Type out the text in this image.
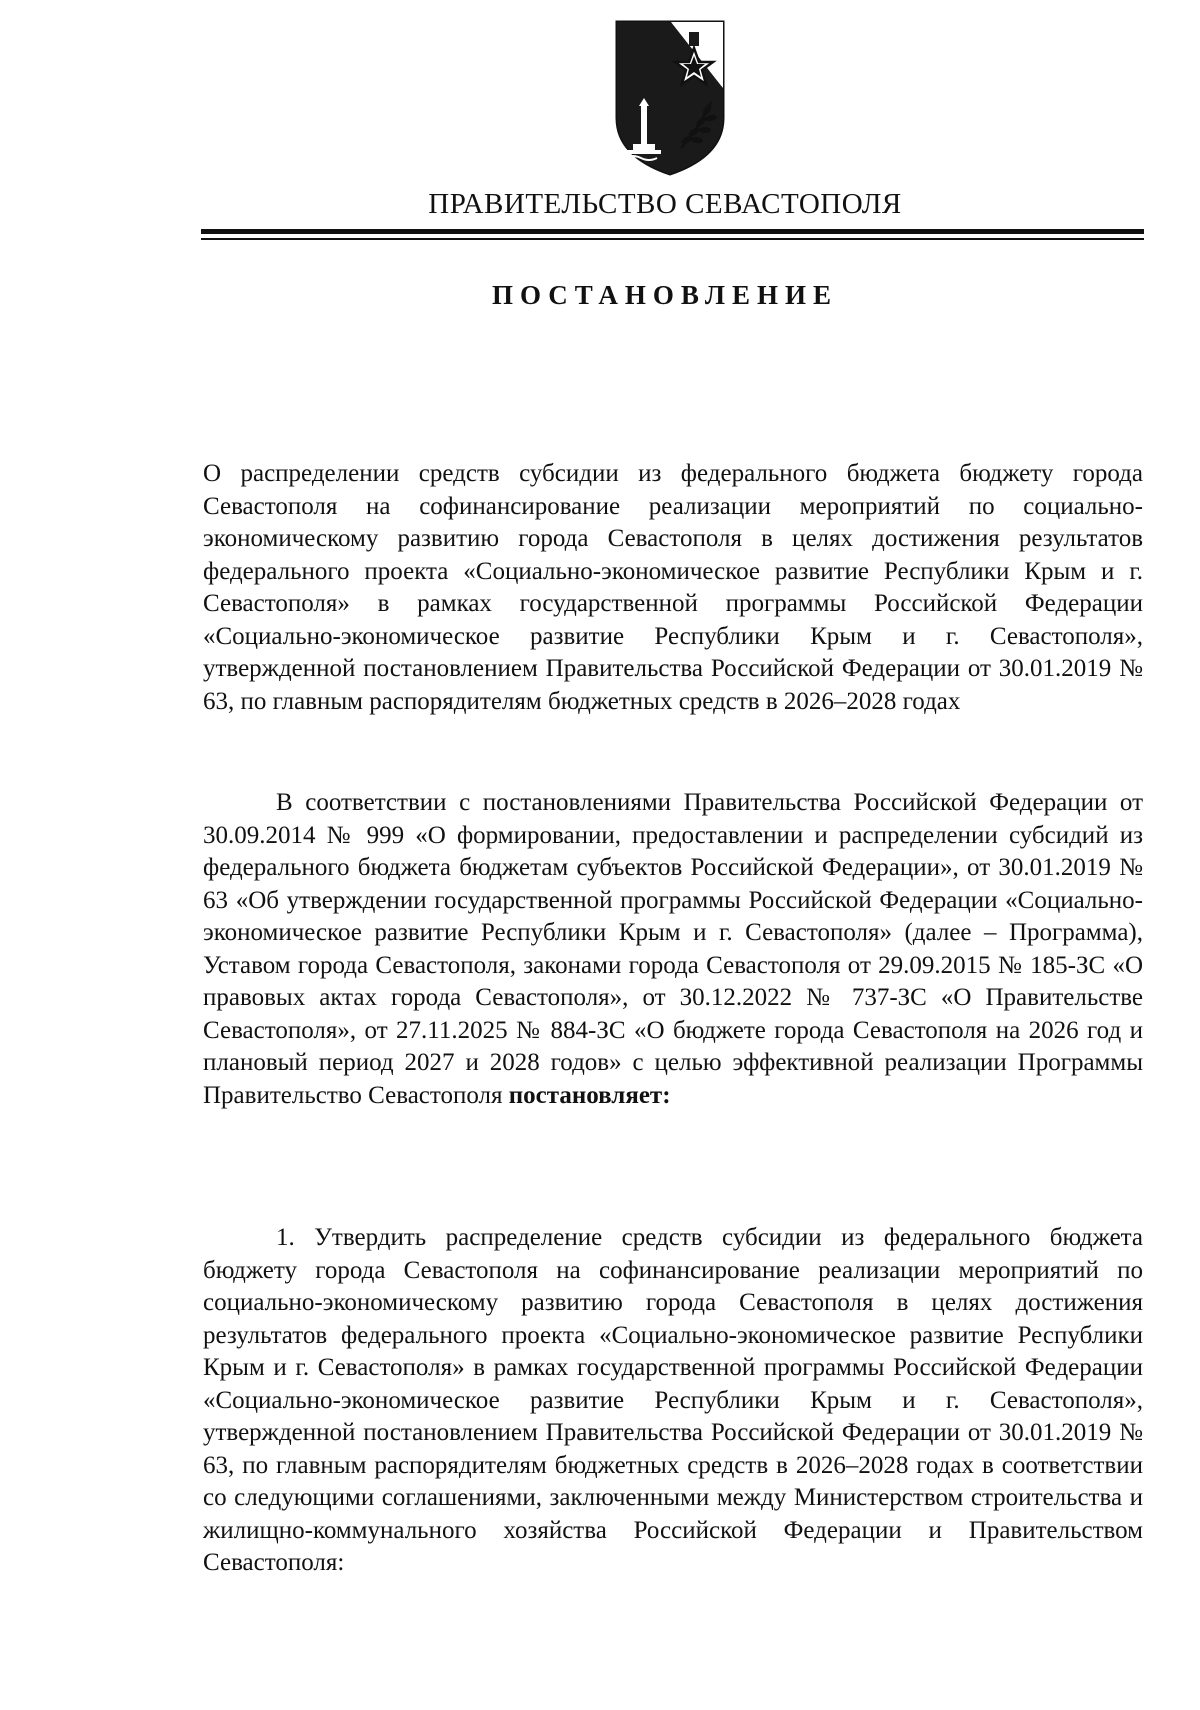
ПРАВИТЕЛЬСТВО СЕВАСТОПОЛЯ
ПОСТАНОВЛЕНИЕ
О распределении средств субсидии из федерального бюджета бюджету города Севастополя на софинансирование реализации мероприятий по социально-экономическому развитию города Севастополя в целях достижения результатов федерального проекта «Социально-экономическое развитие Республики Крым и г. Севастополя» в рамках государственной программы Российской Федерации «Социально-экономическое развитие Республики Крым и г. Севастополя», утвержденной постановлением Правительства Российской Федерации от 30.01.2019 № 63, по главным распорядителям бюджетных средств в 2026–2028 годах
В соответствии с постановлениями Правительства Российской Федерации от 30.09.2014 № 999 «О формировании, предоставлении и распределении субсидий из федерального бюджета бюджетам субъектов Российской Федерации», от 30.01.2019 № 63 «Об утверждении государственной программы Российской Федерации «Социально-экономическое развитие Республики Крым и г. Севастополя» (далее – Программа), Уставом города Севастополя, законами города Севастополя от 29.09.2015 № 185-ЗС «О правовых актах города Севастополя», от 30.12.2022 № 737-ЗС «О Правительстве Севастополя», от 27.11.2025 № 884-ЗС «О бюджете города Севастополя на 2026 год и плановый период 2027 и 2028 годов» с целью эффективной реализации Программы Правительство Севастополя постановляет:
1. Утвердить распределение средств субсидии из федерального бюджета бюджету города Севастополя на софинансирование реализации мероприятий по социально-экономическому развитию города Севастополя в целях достижения результатов федерального проекта «Социально-экономическое развитие Республики Крым и г. Севастополя» в рамках государственной программы Российской Федерации «Социально-экономическое развитие Республики Крым и г. Севастополя», утвержденной постановлением Правительства Российской Федерации от 30.01.2019 № 63, по главным распорядителям бюджетных средств в 2026–2028 годах в соответствии со следующими соглашениями, заключенными между Министерством строительства и жилищно-коммунального хозяйства Российской Федерации и Правительством Севастополя:
